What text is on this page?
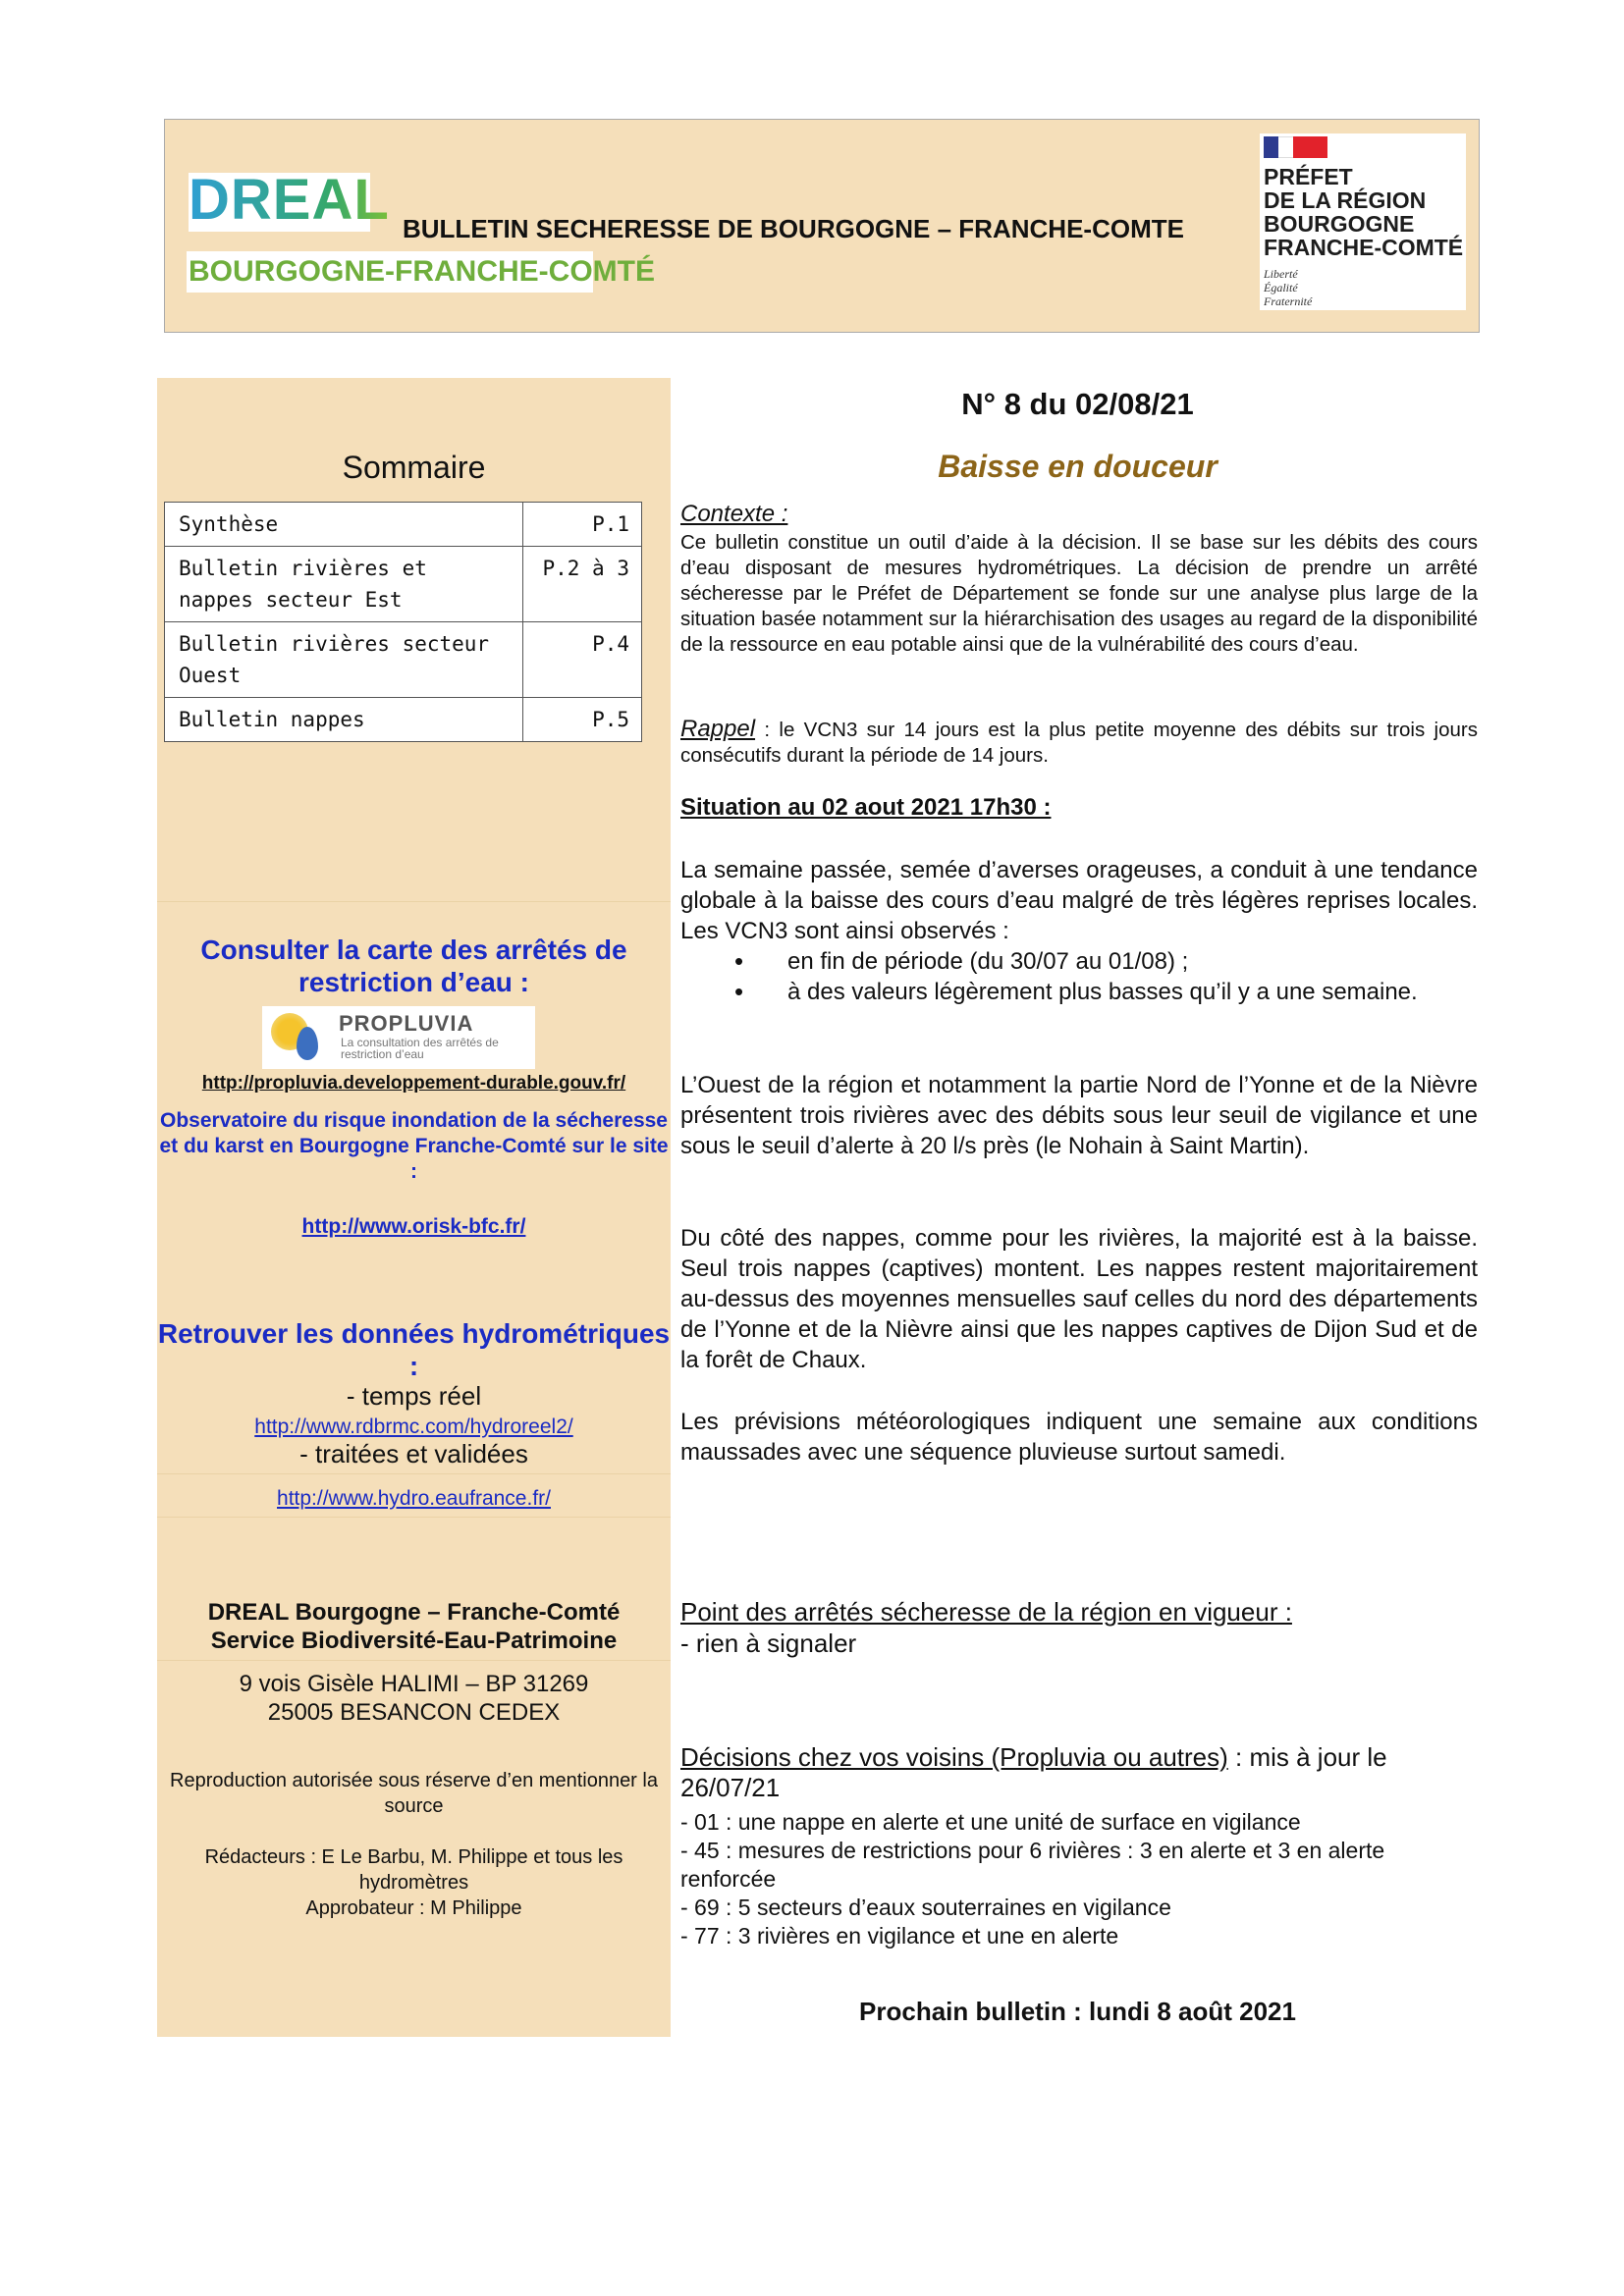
DREAL
BOURGOGNE-FRANCHE-COMTÉ
BULLETIN SECHERESSE DE BOURGOGNE – FRANCHE-COMTE
PRÉFET
DE LA RÉGION
BOURGOGNE
FRANCHE-COMTÉ
Liberté
Égalité
Fraternité
Sommaire
Synthèse	P.1
Bulletin rivières et nappes secteur Est	P.2 à 3
Bulletin rivières secteur Ouest	P.4
Bulletin nappes	P.5
Consulter la carte des arrêtés de restriction d’eau :
PROPLUVIA
La consultation des arrêtés de restriction d’eau
http://propluvia.developpement-durable.gouv.fr/
Observatoire du risque inondation de la sécheresse et du karst en Bourgogne Franche-Comté sur le site :
http://www.orisk-bfc.fr/
Retrouver les données hydrométriques :
- temps réel
http://www.rdbrmc.com/hydroreel2/
- traitées et validées
http://www.hydro.eaufrance.fr/
DREAL Bourgogne – Franche-Comté
Service Biodiversité-Eau-Patrimoine
9 vois Gisèle HALIMI – BP 31269
25005 BESANCON CEDEX
Reproduction autorisée sous réserve d’en mentionner la source
Rédacteurs : E Le Barbu, M. Philippe et tous les hydromètres
Approbateur : M Philippe
N° 8 du 02/08/21
Baisse en douceur
Contexte :
Ce bulletin constitue un outil d’aide à la décision. Il se base sur les débits des cours d’eau disposant de mesures hydrométriques. La décision de prendre un arrêté sécheresse par le Préfet de Département se fonde sur une analyse plus large de la situation basée notamment sur la hiérarchisation des usages au regard de la disponibilité de la ressource en eau potable ainsi que de la vulnérabilité des cours d’eau.
Rappel : le VCN3 sur 14 jours est la plus petite moyenne des débits sur trois jours consécutifs durant la période de 14 jours.
Situation au 02 aout 2021 17h30 :
La semaine passée, semée d’averses orageuses, a conduit à une tendance globale à la baisse des cours d’eau malgré de très légères reprises locales. Les VCN3 sont ainsi observés :
• en fin de période (du 30/07 au 01/08) ;
• à des valeurs légèrement plus basses qu’il y a une semaine.
L’Ouest de la région et notamment la partie Nord de l’Yonne et de la Nièvre présentent trois rivières avec des débits sous leur seuil de vigilance et une sous le seuil d’alerte à 20 l/s près (le Nohain à Saint Martin).
Du côté des nappes, comme pour les rivières, la majorité est à la baisse. Seul trois nappes (captives) montent. Les nappes restent majoritairement au-dessus des moyennes mensuelles sauf celles du nord des départements de l’Yonne et de la Nièvre ainsi que les nappes captives de Dijon Sud et de la forêt de Chaux.
Les prévisions météorologiques indiquent une semaine aux conditions maussades avec une séquence pluvieuse surtout samedi.
Point des arrêtés sécheresse de la région en vigueur :
- rien à signaler
Décisions chez vos voisins (Propluvia ou autres) : mis à jour le 26/07/21
- 01 : une nappe en alerte et une unité de surface en vigilance
- 45 : mesures de restrictions pour 6 rivières : 3 en alerte et 3 en alerte renforcée
- 69 : 5 secteurs d’eaux souterraines en vigilance
- 77 : 3 rivières en vigilance et une en alerte
Prochain bulletin : lundi 8 août 2021
